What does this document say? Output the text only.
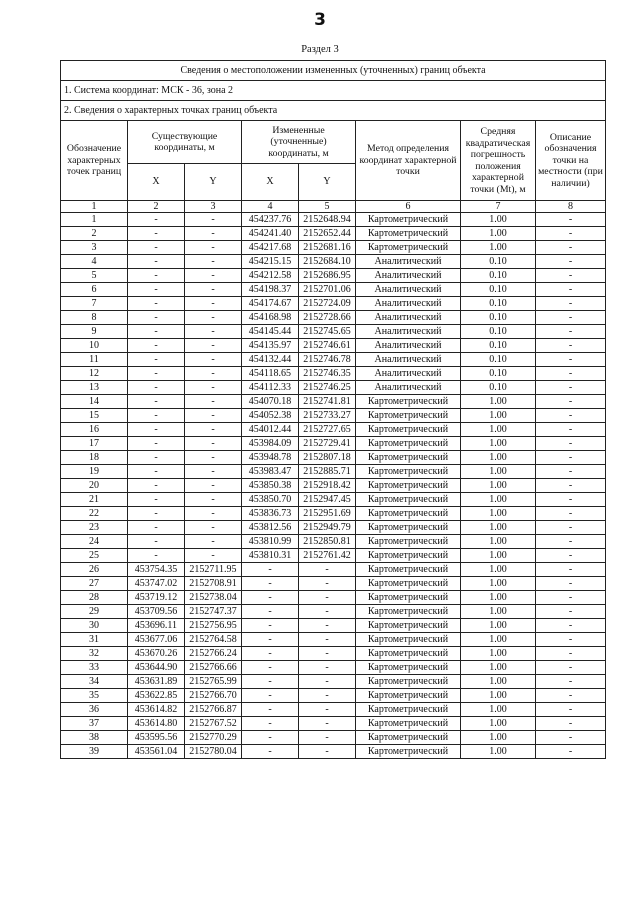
3
Раздел 3
Сведения о местоположении измененных (уточненных) границ объекта							
1. Система координат: МСК - 36, зона 2							
2. Сведения о характерных точках границ объекта							
Обозначение характерных точек границ	Существующие координаты, м		Измененные (уточненные) координаты, м		Метод определения координат характерной точки	Средняя квадратическая погрешность положения характерной точки (Mt), м	Описание обозначения точки на местности (при наличии)
	X	Y	X	Y			
1	2	3	4	5	6	7	8
1	-	-	454237.76	2152648.94	Картометрический	1.00	-
2	-	-	454241.40	2152652.44	Картометрический	1.00	-
3	-	-	454217.68	2152681.16	Картометрический	1.00	-
4	-	-	454215.15	2152684.10	Аналитический	0.10	-
5	-	-	454212.58	2152686.95	Аналитический	0.10	-
6	-	-	454198.37	2152701.06	Аналитический	0.10	-
7	-	-	454174.67	2152724.09	Аналитический	0.10	-
8	-	-	454168.98	2152728.66	Аналитический	0.10	-
9	-	-	454145.44	2152745.65	Аналитический	0.10	-
10	-	-	454135.97	2152746.61	Аналитический	0.10	-
11	-	-	454132.44	2152746.78	Аналитический	0.10	-
12	-	-	454118.65	2152746.35	Аналитический	0.10	-
13	-	-	454112.33	2152746.25	Аналитический	0.10	-
14	-	-	454070.18	2152741.81	Картометрический	1.00	-
15	-	-	454052.38	2152733.27	Картометрический	1.00	-
16	-	-	454012.44	2152727.65	Картометрический	1.00	-
17	-	-	453984.09	2152729.41	Картометрический	1.00	-
18	-	-	453948.78	2152807.18	Картометрический	1.00	-
19	-	-	453983.47	2152885.71	Картометрический	1.00	-
20	-	-	453850.38	2152918.42	Картометрический	1.00	-
21	-	-	453850.70	2152947.45	Картометрический	1.00	-
22	-	-	453836.73	2152951.69	Картометрический	1.00	-
23	-	-	453812.56	2152949.79	Картометрический	1.00	-
24	-	-	453810.99	2152850.81	Картометрический	1.00	-
25	-	-	453810.31	2152761.42	Картометрический	1.00	-
26	453754.35	2152711.95	-	-	Картометрический	1.00	-
27	453747.02	2152708.91	-	-	Картометрический	1.00	-
28	453719.12	2152738.04	-	-	Картометрический	1.00	-
29	453709.56	2152747.37	-	-	Картометрический	1.00	-
30	453696.11	2152756.95	-	-	Картометрический	1.00	-
31	453677.06	2152764.58	-	-	Картометрический	1.00	-
32	453670.26	2152766.24	-	-	Картометрический	1.00	-
33	453644.90	2152766.66	-	-	Картометрический	1.00	-
34	453631.89	2152765.99	-	-	Картометрический	1.00	-
35	453622.85	2152766.70	-	-	Картометрический	1.00	-
36	453614.82	2152766.87	-	-	Картометрический	1.00	-
37	453614.80	2152767.52	-	-	Картометрический	1.00	-
38	453595.56	2152770.29	-	-	Картометрический	1.00	-
39	453561.04	2152780.04	-	-	Картометрический	1.00	-
